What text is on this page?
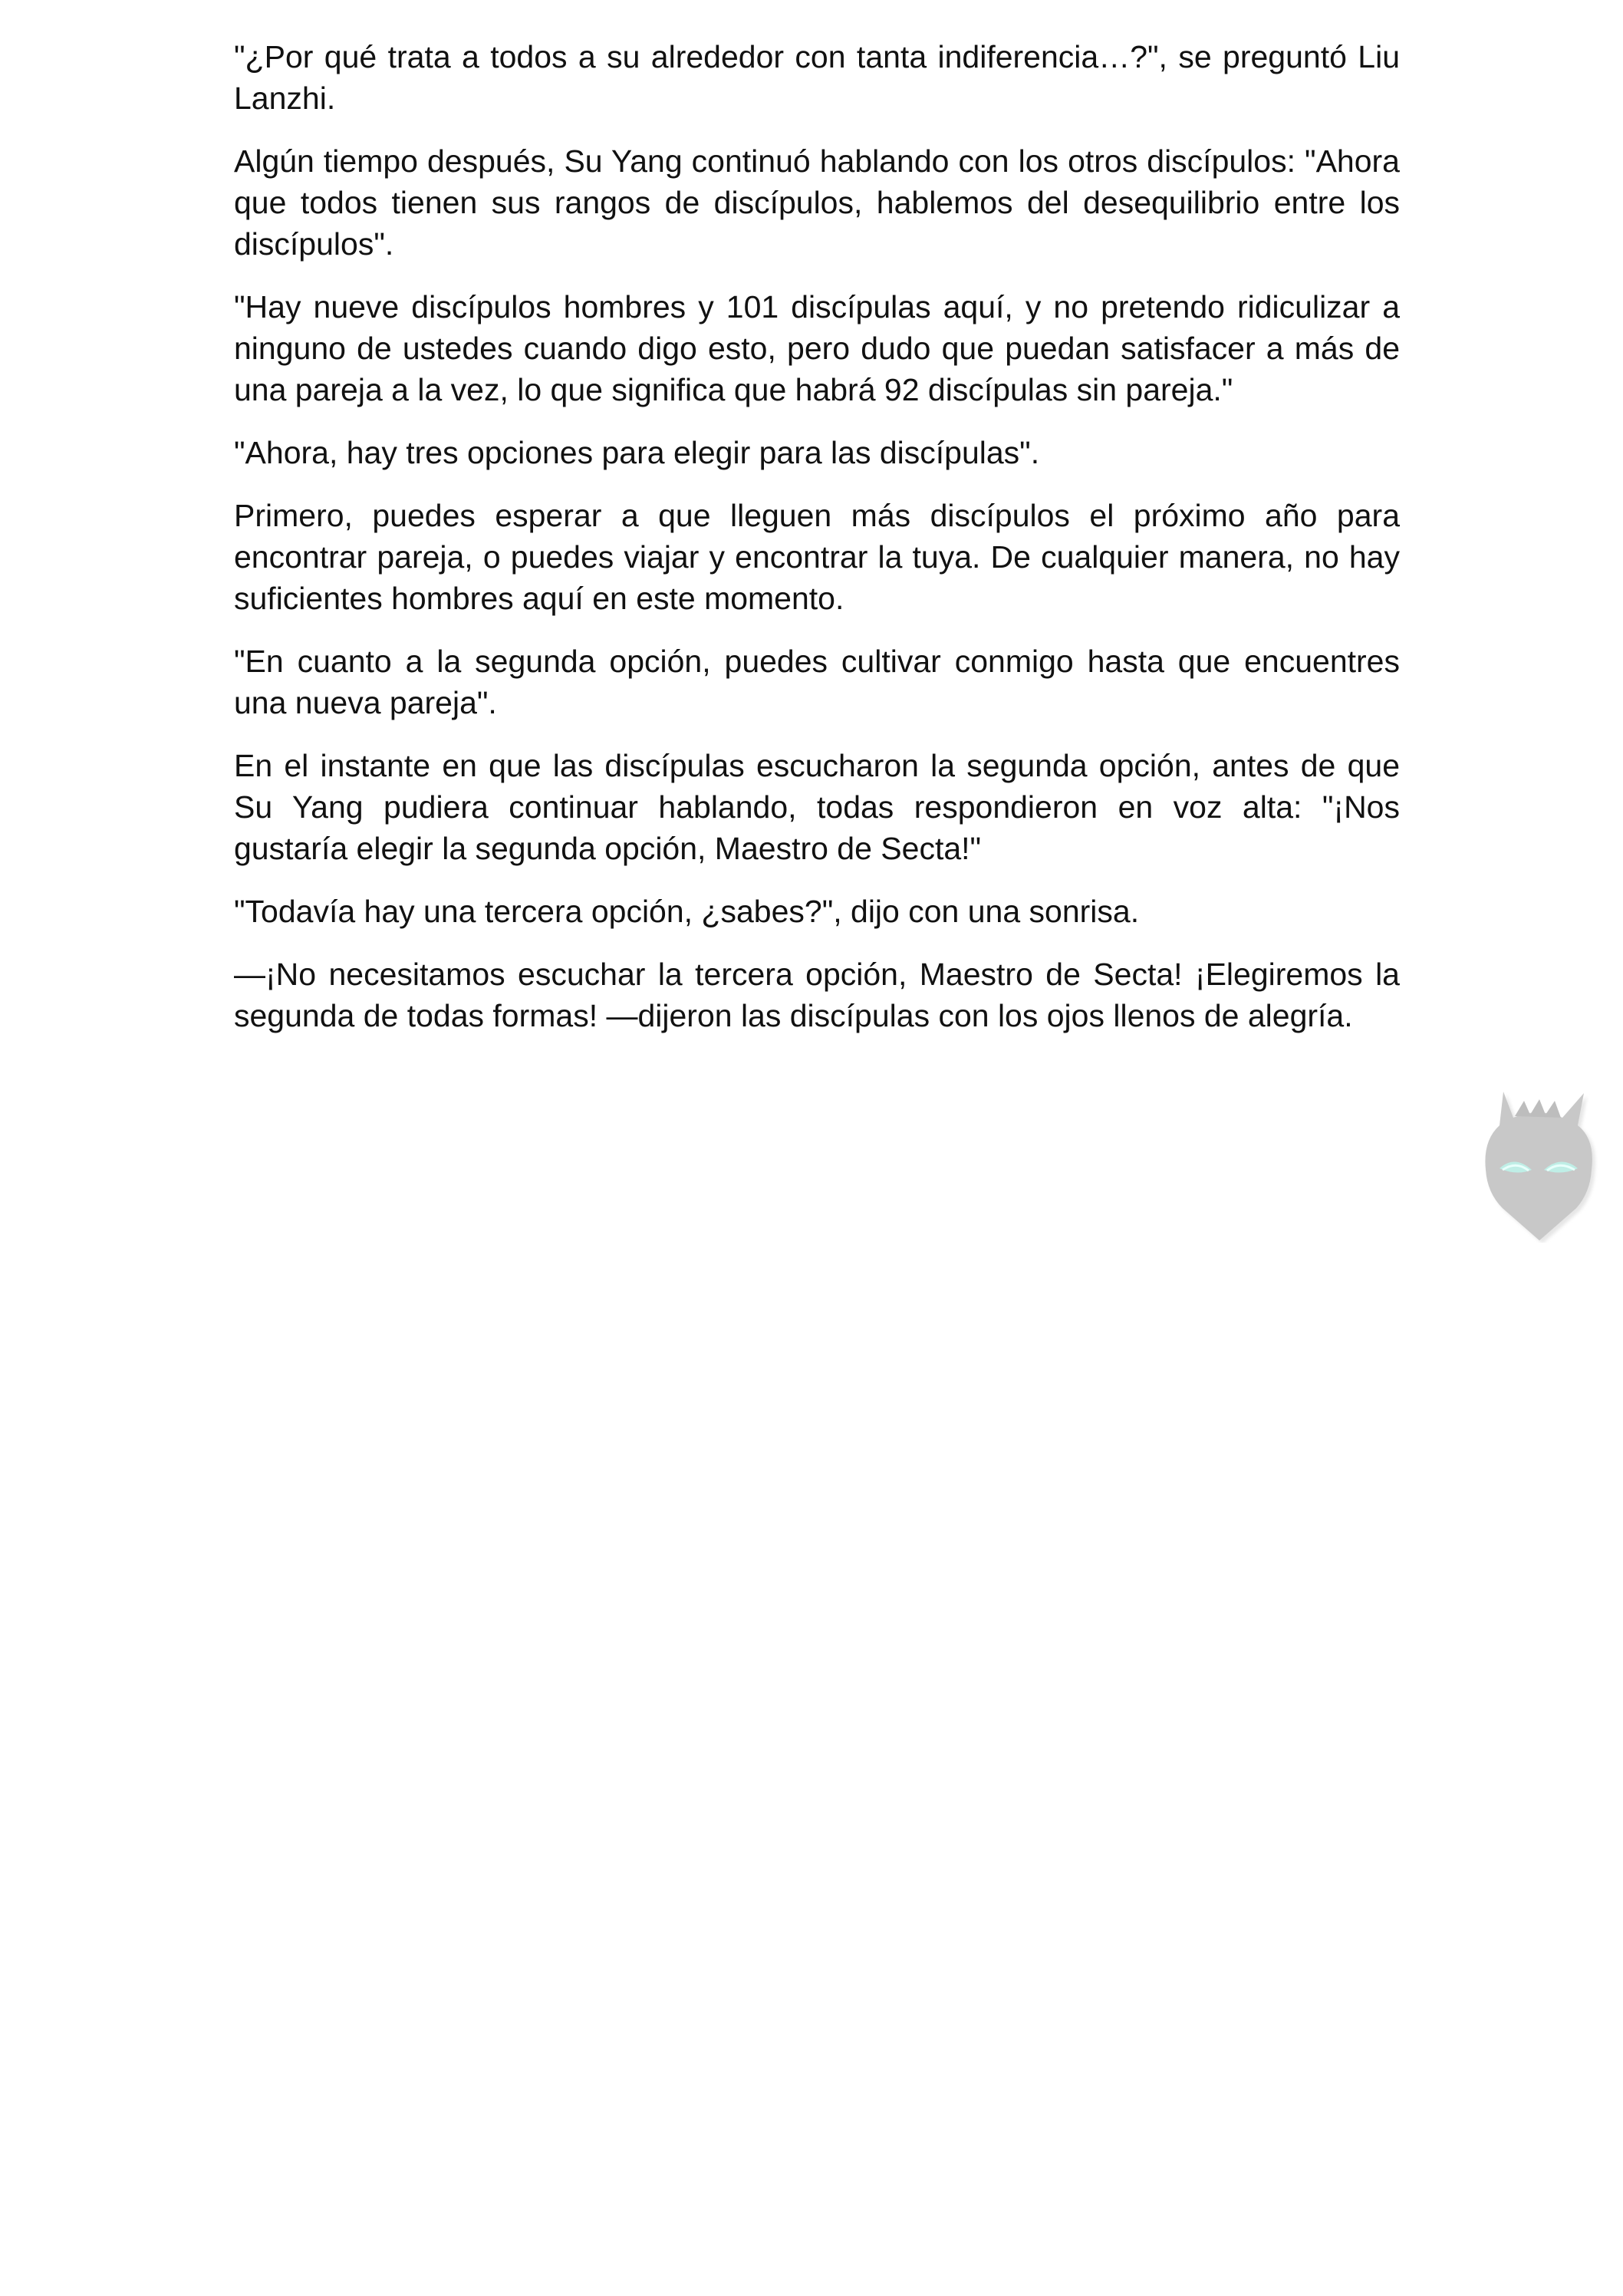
"¿Por qué trata a todos a su alrededor con tanta indiferencia…?", se preguntó Liu Lanzhi.

Algún tiempo después, Su Yang continuó hablando con los otros discípulos: "Ahora que todos tienen sus rangos de discípulos, hablemos del desequilibrio entre los discípulos".

"Hay nueve discípulos hombres y 101 discípulas aquí, y no pretendo ridiculizar a ninguno de ustedes cuando digo esto, pero dudo que puedan satisfacer a más de una pareja a la vez, lo que significa que habrá 92 discípulas sin pareja."

"Ahora, hay tres opciones para elegir para las discípulas".

Primero, puedes esperar a que lleguen más discípulos el próximo año para encontrar pareja, o puedes viajar y encontrar la tuya. De cualquier manera, no hay suficientes hombres aquí en este momento.

"En cuanto a la segunda opción, puedes cultivar conmigo hasta que encuentres una nueva pareja".

En el instante en que las discípulas escucharon la segunda opción, antes de que Su Yang pudiera continuar hablando, todas respondieron en voz alta: "¡Nos gustaría elegir la segunda opción, Maestro de Secta!"

"Todavía hay una tercera opción, ¿sabes?", dijo con una sonrisa.

—¡No necesitamos escuchar la tercera opción, Maestro de Secta! ¡Elegiremos la segunda de todas formas! —dijeron las discípulas con los ojos llenos de alegría.
